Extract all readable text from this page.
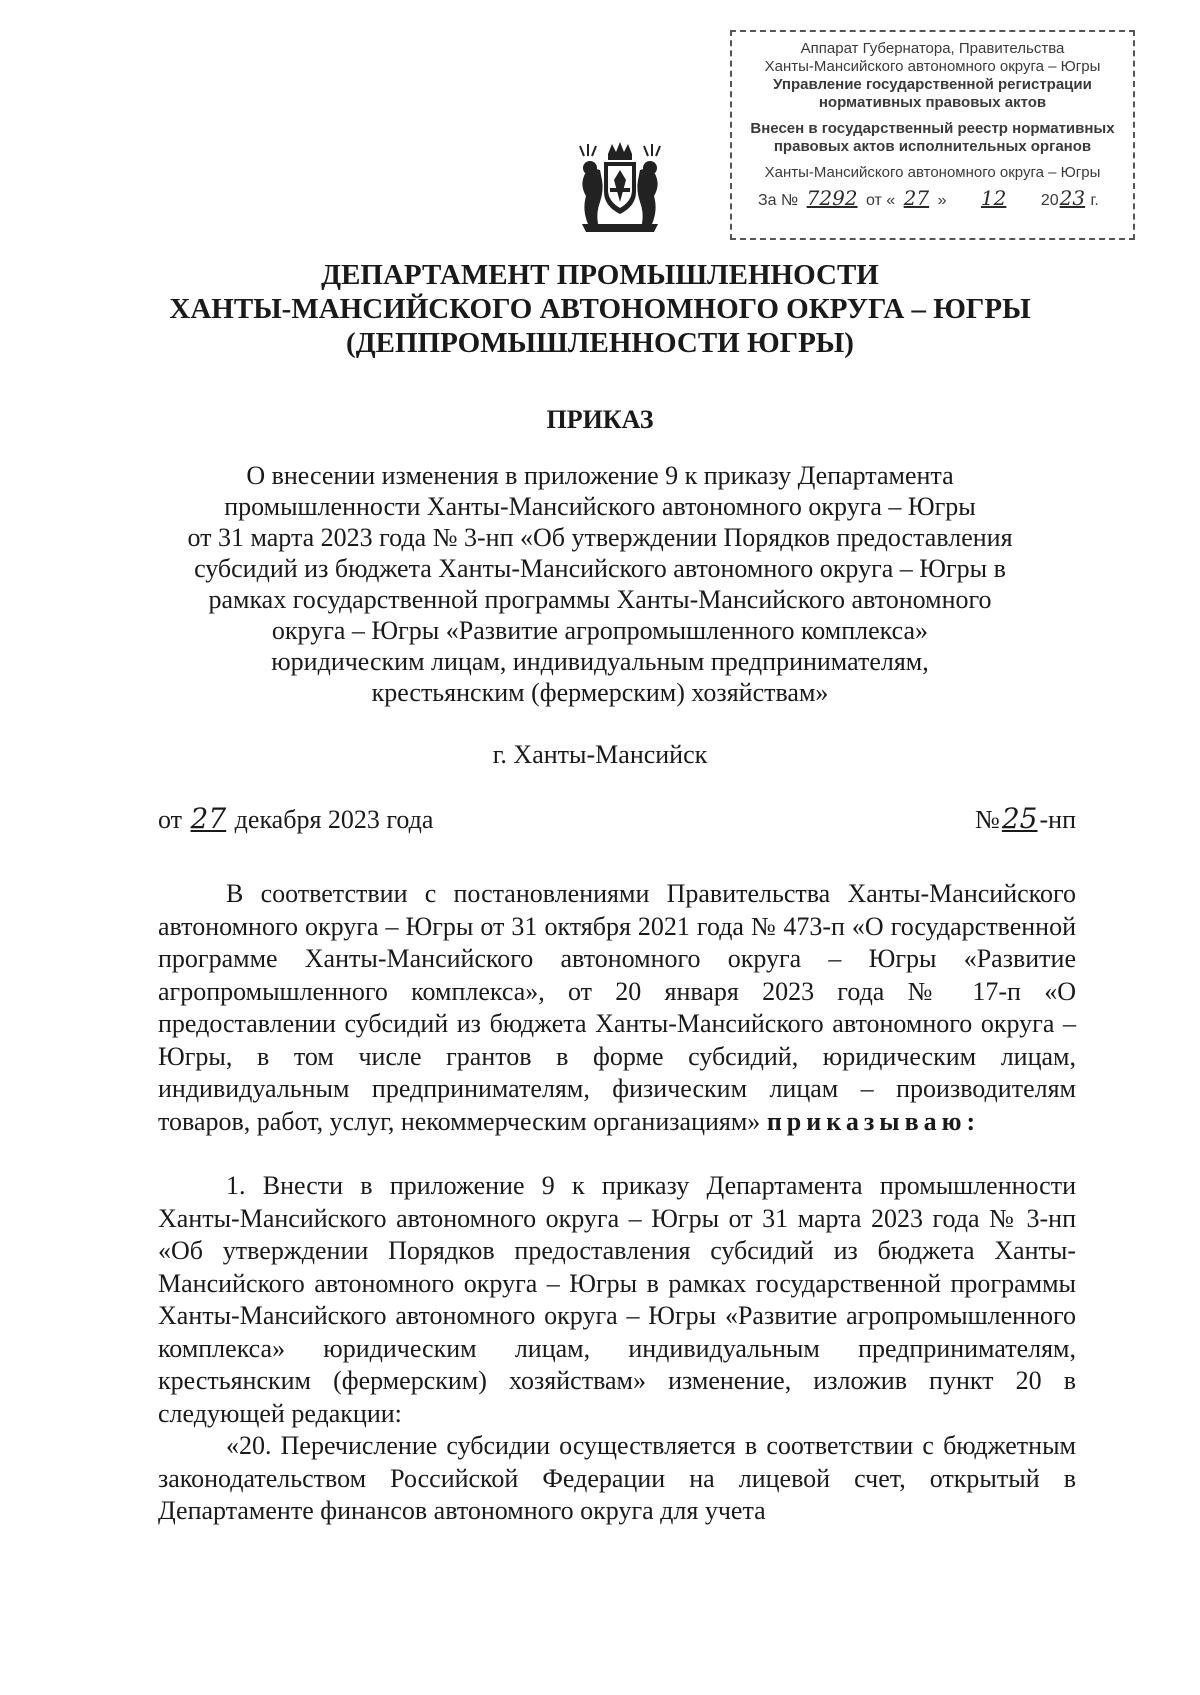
Аппарат Губернатора, Правительства
Ханты-Мансийского автономного округа – Югры
Управление государственной регистрации
нормативных правовых актов
Внесен в государственный реестр нормативных
правовых актов исполнительных органов
Ханты-Мансийского автономного округа – Югры
За № 7292 от « 27 » 12 2023 г.
ДЕПАРТАМЕНТ ПРОМЫШЛЕННОСТИ
ХАНТЫ-МАНСИЙСКОГО АВТОНОМНОГО ОКРУГА – ЮГРЫ
(ДЕППРОМЫШЛЕННОСТИ ЮГРЫ)
ПРИКАЗ
О внесении изменения в приложение 9 к приказу Департамента
промышленности Ханты-Мансийского автономного округа – Югры
от 31 марта 2023 года № 3-нп «Об утверждении Порядков предоставления
субсидий из бюджета Ханты-Мансийского автономного округа – Югры в
рамках государственной программы Ханты-Мансийского автономного
округа – Югры «Развитие агропромышленного комплекса»
юридическим лицам, индивидуальным предпринимателям,
крестьянским (фермерским) хозяйствам»
г. Ханты-Мансийск
от 27 декабря 2023 года	№25-нп

В соответствии с постановлениями Правительства Ханты-Мансийского автономного округа – Югры от 31 октября 2021 года № 473-п «О государственной программе Ханты-Мансийского автономного округа – Югры «Развитие агропромышленного комплекса», от 20 января 2023 года № 17-п «О предоставлении субсидий из бюджета Ханты-Мансийского автономного округа – Югры, в том числе грантов в форме субсидий, юридическим лицам, индивидуальным предпринимателям, физическим лицам – производителям товаров, работ, услуг, некоммерческим организациям» приказываю:

1. Внести в приложение 9 к приказу Департамента промышленности Ханты-Мансийского автономного округа – Югры от 31 марта 2023 года № 3-нп «Об утверждении Порядков предоставления субсидий из бюджета Ханты-Мансийского автономного округа – Югры в рамках государственной программы Ханты-Мансийского автономного округа – Югры «Развитие агропромышленного комплекса» юридическим лицам, индивидуальным предпринимателям, крестьянским (фермерским) хозяйствам» изменение, изложив пункт 20 в следующей редакции:

«20. Перечисление субсидии осуществляется в соответствии с бюджетным законодательством Российской Федерации на лицевой счет, открытый в Департаменте финансов автономного округа для учета
